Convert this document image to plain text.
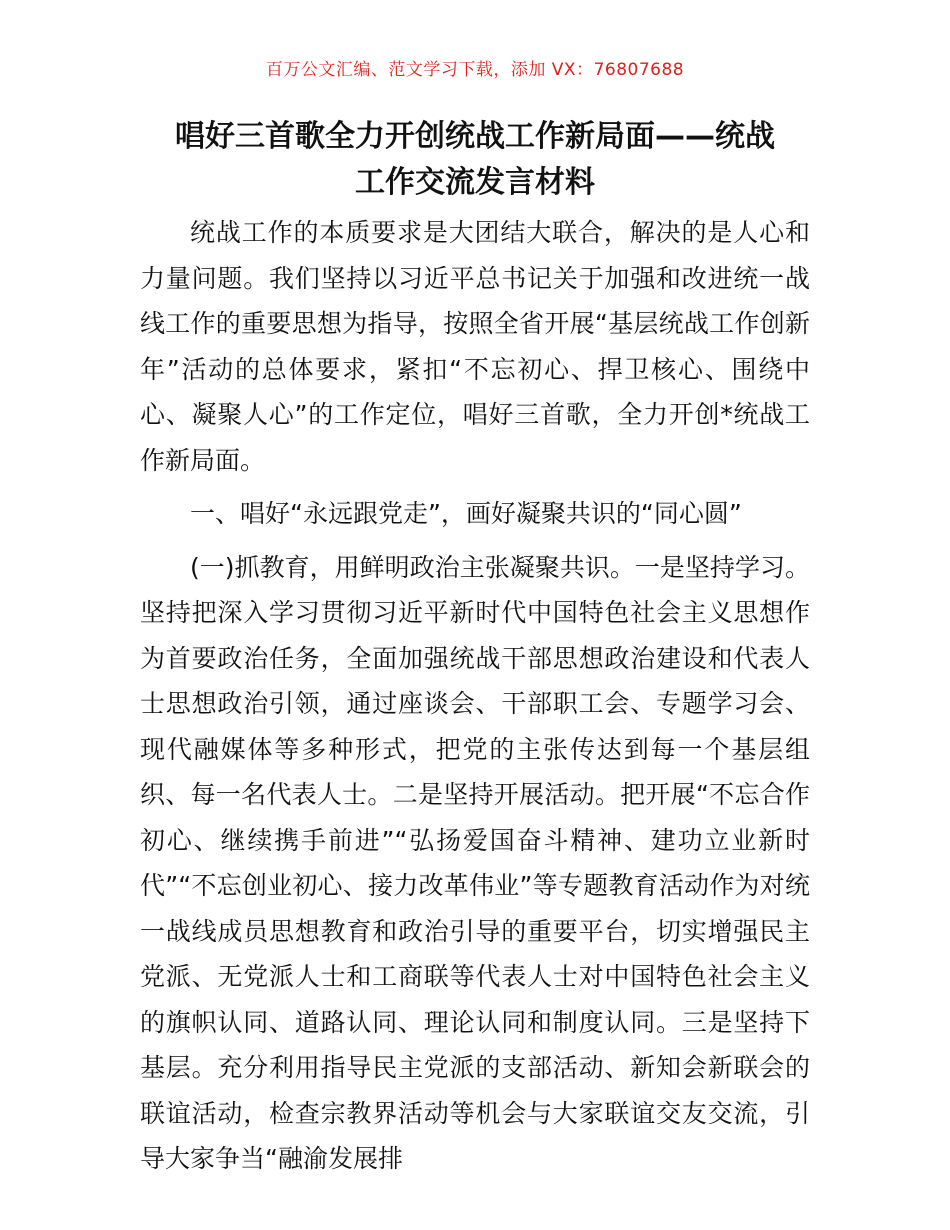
百万公文汇编、范文学习下载，添加 VX：76807688
唱好三首歌全力开创统战工作新局面——统战
工作交流发言材料

统战工作的本质要求是大团结大联合，解决的是人心和力量问题。我们坚持以习近平总书记关于加强和改进统一战线工作的重要思想为指导，按照全省开展“基层统战工作创新年”活动的总体要求，紧扣“不忘初心、捍卫核心、围绕中心、凝聚人心”的工作定位，唱好三首歌，全力开创*统战工作新局面。

一、唱好“永远跟党走”，画好凝聚共识的“同心圆”

(一)抓教育，用鲜明政治主张凝聚共识。一是坚持学习。坚持把深入学习贯彻习近平新时代中国特色社会主义思想作为首要政治任务，全面加强统战干部思想政治建设和代表人士思想政治引领，通过座谈会、干部职工会、专题学习会、现代融媒体等多种形式，把党的主张传达到每一个基层组织、每一名代表人士。二是坚持开展活动。把开展“不忘合作初心、继续携手前进”“弘扬爱国奋斗精神、建功立业新时代”“不忘创业初心、接力改革伟业”等专题教育活动作为对统一战线成员思想教育和政治引导的重要平台，切实增强民主党派、无党派人士和工商联等代表人士对中国特色社会主义的旗帜认同、道路认同、理论认同和制度认同。三是坚持下基层。充分利用指导民主党派的支部活动、新知会新联会的联谊活动，检查宗教界活动等机会与大家联谊交友交流，引导大家争当“融渝发展排
